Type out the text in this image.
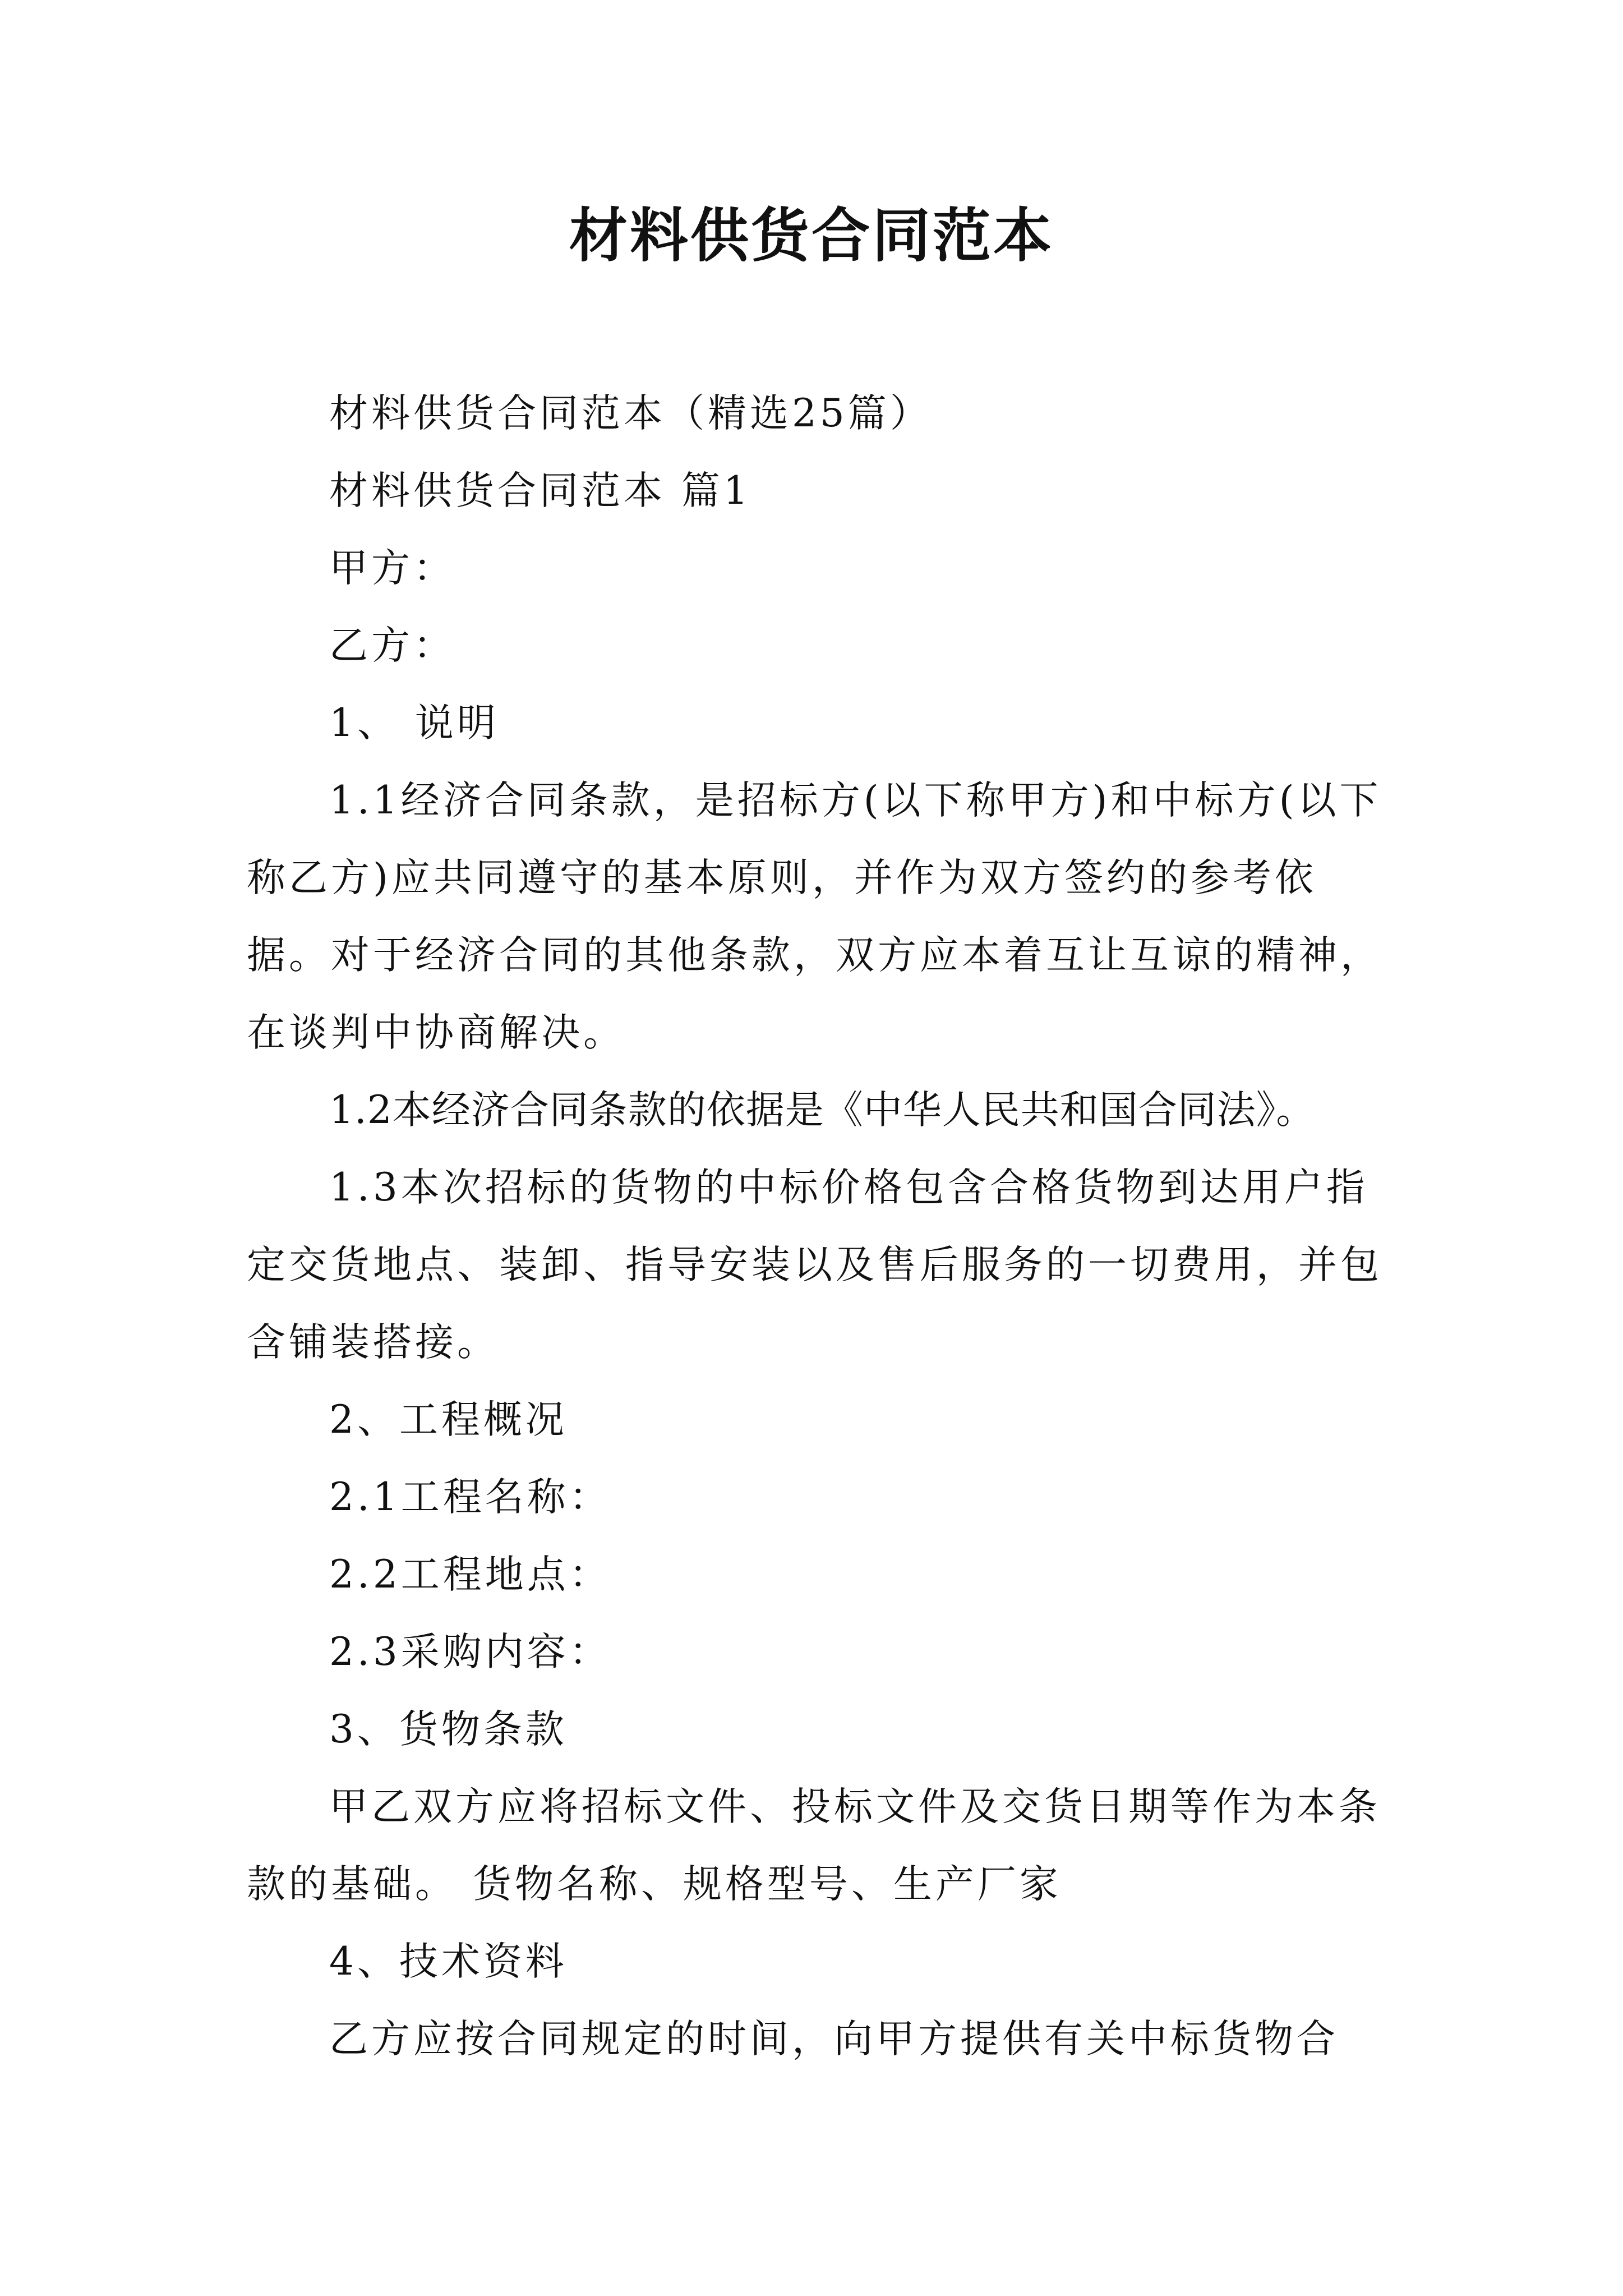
材料供货合同范本

材料供货合同范本（精选25篇）

材料供货合同范本 篇1

甲方：

乙方：

1、 说明

1.1经济合同条款，是招标方(以下称甲方)和中标方(以下称乙方)应共同遵守的基本原则，并作为双方签约的参考依据。对于经济合同的其他条款，双方应本着互让互谅的精神，在谈判中协商解决。

1.2本经济合同条款的依据是《中华人民共和国合同法》。

1.3本次招标的货物的中标价格包含合格货物到达用户指定交货地点、装卸、指导安装以及售后服务的一切费用，并包含铺装搭接。

2、工程概况

2.1工程名称：

2.2工程地点：

2.3采购内容：

3、货物条款

甲乙双方应将招标文件、投标文件及交货日期等作为本条款的基础。 货物名称、规格型号、生产厂家

4、技术资料

乙方应按合同规定的时间，向甲方提供有关中标货物合
